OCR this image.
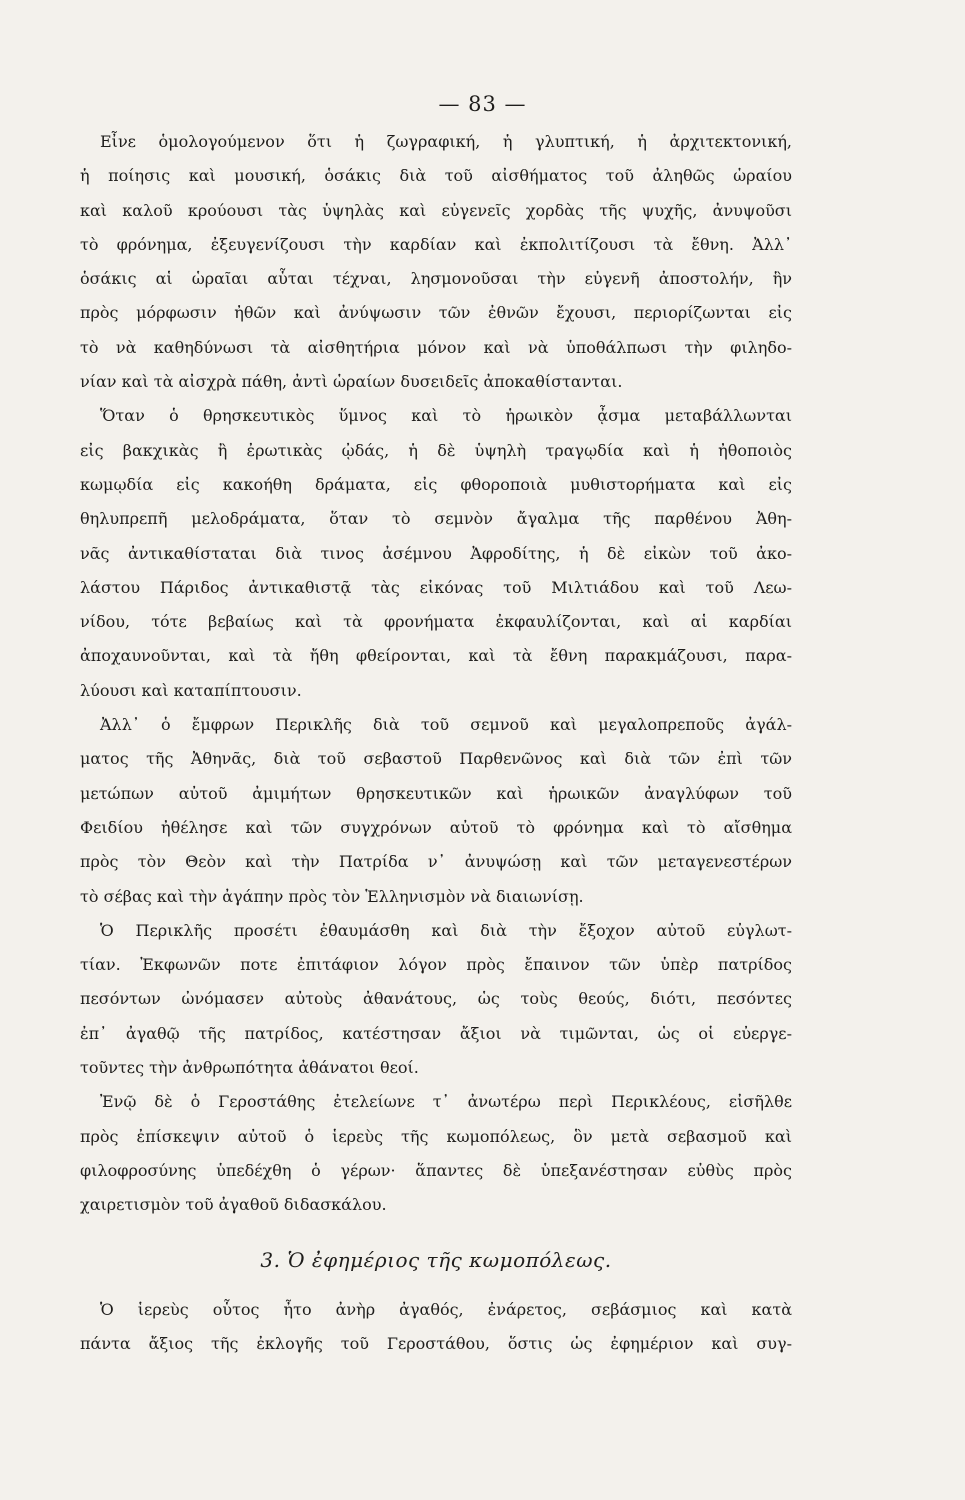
— 83 —
Εἶνε ὁμολογούμενον ὅτι ἡ ζωγραφική, ἡ γλυπτική, ἡ ἀρχιτεκτονική,
ἡ ποίησις καὶ μουσική, ὁσάκις διὰ τοῦ αἰσθήματος τοῦ ἀληθῶς ὡραίου
καὶ καλοῦ κρούουσι τὰς ὑψηλὰς καὶ εὐγενεῖς χορδὰς τῆς ψυχῆς, ἀνυψοῦσι
τὸ φρόνημα, ἐξευγενίζουσι τὴν καρδίαν καὶ ἐκπολιτίζουσι τὰ ἔθνη. Ἀλλ᾽
ὁσάκις αἱ ὡραῖαι αὗται τέχναι, λησμονοῦσαι τὴν εὐγενῆ ἀποστολήν, ἣν
πρὸς μόρφωσιν ἠθῶν καὶ ἀνύψωσιν τῶν ἐθνῶν ἔχουσι, περιορίζωνται εἰς
τὸ νὰ καθηδύνωσι τὰ αἰσθητήρια μόνον καὶ νὰ ὑποθάλπωσι τὴν φιληδο-
νίαν καὶ τὰ αἰσχρὰ πάθη, ἀντὶ ὡραίων δυσειδεῖς ἀποκαθίστανται.
Ὅταν ὁ θρησκευτικὸς ὕμνος καὶ τὸ ἡρωικὸν ᾆσμα μεταβάλλωνται
εἰς βακχικὰς ἢ ἐρωτικὰς ᾠδάς, ἡ δὲ ὑψηλὴ τραγῳδία καὶ ἡ ἠθοποιὸς
κωμῳδία εἰς κακοήθη δράματα, εἰς φθοροποιὰ μυθιστορήματα καὶ εἰς
θηλυπρεπῆ μελοδράματα, ὅταν τὸ σεμνὸν ἄγαλμα τῆς παρθένου Ἀθη-
νᾶς ἀντικαθίσταται διὰ τινος ἀσέμνου Ἀφροδίτης, ἡ δὲ εἰκὼν τοῦ ἀκο-
λάστου Πάριδος ἀντικαθιστᾷ τὰς εἰκόνας τοῦ Μιλτιάδου καὶ τοῦ Λεω-
νίδου, τότε βεβαίως καὶ τὰ φρονήματα ἐκφαυλίζονται, καὶ αἱ καρδίαι
ἀποχαυνοῦνται, καὶ τὰ ἤθη φθείρονται, καὶ τὰ ἔθνη παρακμάζουσι, παρα-
λύουσι καὶ καταπίπτουσιν.
Ἀλλ᾽ ὁ ἔμφρων Περικλῆς διὰ τοῦ σεμνοῦ καὶ μεγαλοπρεποῦς ἀγάλ-
ματος τῆς Ἀθηνᾶς, διὰ τοῦ σεβαστοῦ Παρθενῶνος καὶ διὰ τῶν ἐπὶ τῶν
μετώπων αὐτοῦ ἀμιμήτων θρησκευτικῶν καὶ ἡρωικῶν ἀναγλύφων τοῦ
Φειδίου ἠθέλησε καὶ τῶν συγχρόνων αὐτοῦ τὸ φρόνημα καὶ τὸ αἴσθημα
πρὸς τὸν Θεὸν καὶ τὴν Πατρίδα ν᾽ ἀνυψώσῃ καὶ τῶν μεταγενεστέρων
τὸ σέβας καὶ τὴν ἀγάπην πρὸς τὸν Ἑλληνισμὸν νὰ διαιωνίσῃ.
Ὁ Περικλῆς προσέτι ἐθαυμάσθη καὶ διὰ τὴν ἔξοχον αὐτοῦ εὐγλωτ-
τίαν. Ἐκφωνῶν ποτε ἐπιτάφιον λόγον πρὸς ἔπαινον τῶν ὑπὲρ πατρίδος
πεσόντων ὠνόμασεν αὐτοὺς ἀθανάτους, ὡς τοὺς θεούς, διότι, πεσόντες
ἐπ᾽ ἀγαθῷ τῆς πατρίδος, κατέστησαν ἄξιοι νὰ τιμῶνται, ὡς οἱ εὐεργε-
τοῦντες τὴν ἀνθρωπότητα ἀθάνατοι θεοί.
Ἐνῷ δὲ ὁ Γεροστάθης ἐτελείωνε τ᾽ ἀνωτέρω περὶ Περικλέους, εἰσῆλθε
πρὸς ἐπίσκεψιν αὐτοῦ ὁ ἱερεὺς τῆς κωμοπόλεως, ὃν μετὰ σεβασμοῦ καὶ
φιλοφροσύνης ὑπεδέχθη ὁ γέρων· ἅπαντες δὲ ὑπεξανέστησαν εὐθὺς πρὸς
χαιρετισμὸν τοῦ ἀγαθοῦ διδασκάλου.
3. Ὁ ἐφημέριος τῆς κωμοπόλεως.
Ὁ ἱερεὺς οὗτος ἦτο ἀνὴρ ἀγαθός, ἐνάρετος, σεβάσμιος καὶ κατὰ
πάντα ἄξιος τῆς ἐκλογῆς τοῦ Γεροστάθου, ὅστις ὡς ἐφημέριον καὶ συγ-
